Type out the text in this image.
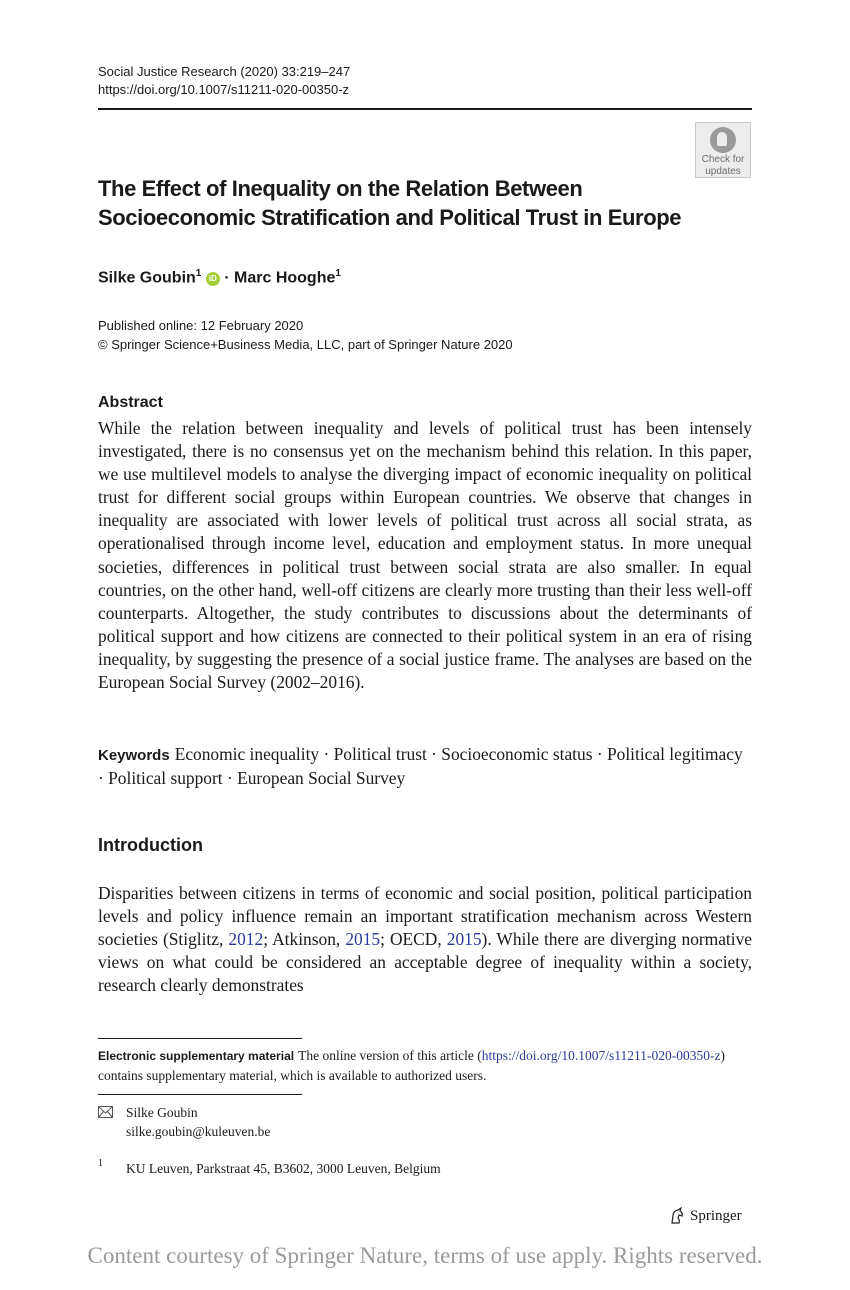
Social Justice Research (2020) 33:219–247
https://doi.org/10.1007/s11211-020-00350-z
Check for
updates
The Effect of Inequality on the Relation Between
Socioeconomic Stratification and Political Trust in Europe
Silke Goubin$^1$ iD · Marc Hooghe$^1$
Published online: 12 February 2020
© Springer Science+Business Media, LLC, part of Springer Nature 2020
Abstract

While the relation between inequality and levels of political trust has been intensely investigated, there is no consensus yet on the mechanism behind this relation. In this paper, we use multilevel models to analyse the diverging impact of economic inequality on political trust for different social groups within European countries. We observe that changes in inequality are associated with lower levels of political trust across all social strata, as operationalised through income level, education and employment status. In more unequal societies, differences in political trust between social strata are also smaller. In equal countries, on the other hand, well-off citizens are clearly more trusting than their less well-off counterparts. Altogether, the study contributes to discussions about the determinants of political support and how citizens are connected to their political system in an era of rising inequality, by suggesting the presence of a social justice frame. The analyses are based on the European Social Survey (2002–2016).

Keywords Economic inequality · Political trust · Socioeconomic status · Political legitimacy · Political support · European Social Survey

Introduction

Disparities between citizens in terms of economic and social position, political participation levels and policy influence remain an important stratification mechanism across Western societies (Stiglitz, 2012; Atkinson, 2015; OECD, 2015). While there are diverging normative views on what could be considered an acceptable degree of inequality within a society, research clearly demonstrates

Electronic supplementary material The online version of this article (https://doi.org/10.1007/s11211-020-00350-z) contains supplementary material, which is available to authorized users.

Silke Goubin
silke.goubin@kuleuven.be
1 KU Leuven, Parkstraat 45, B3602, 3000 Leuven, Belgium
Springer
Content courtesy of Springer Nature, terms of use apply. Rights reserved.
